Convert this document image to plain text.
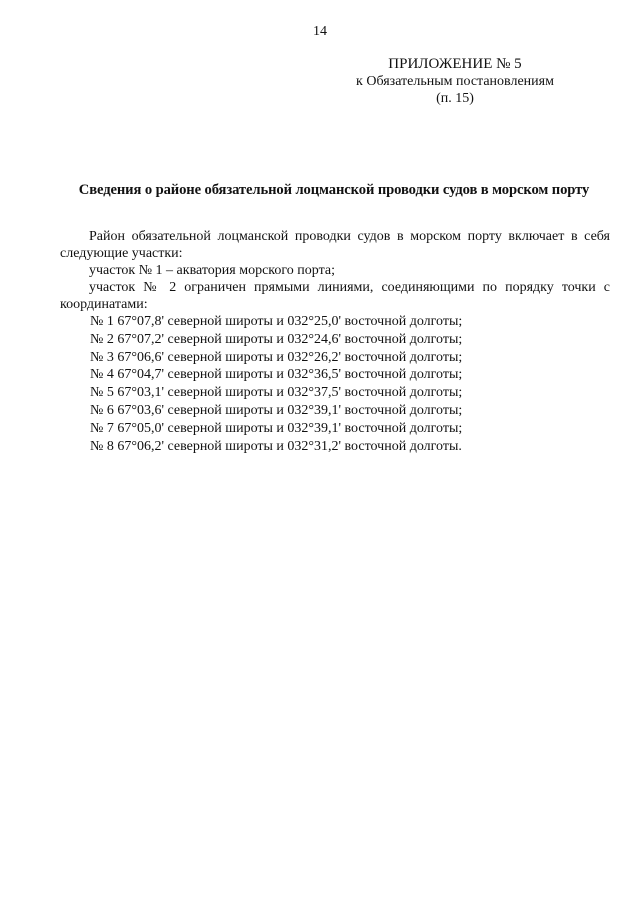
14
ПРИЛОЖЕНИЕ № 5
к Обязательным постановлениям
(п. 15)
Сведения о районе обязательной лоцманской проводки судов в морском порту

Район обязательной лоцманской проводки судов в морском порту включает в себя следующие участки:

участок № 1 – акватория морского порта;

участок № 2 ограничен прямыми линиями, соединяющими по порядку точки с координатами:

№ 1 67°07,8' северной широты и 032°25,0' восточной долготы;
№ 2 67°07,2' северной широты и 032°24,6' восточной долготы;
№ 3 67°06,6' северной широты и 032°26,2' восточной долготы;
№ 4 67°04,7' северной широты и 032°36,5' восточной долготы;
№ 5 67°03,1' северной широты и 032°37,5' восточной долготы;
№ 6 67°03,6' северной широты и 032°39,1' восточной долготы;
№ 7 67°05,0' северной широты и 032°39,1' восточной долготы;
№ 8 67°06,2' северной широты и 032°31,2' восточной долготы.
